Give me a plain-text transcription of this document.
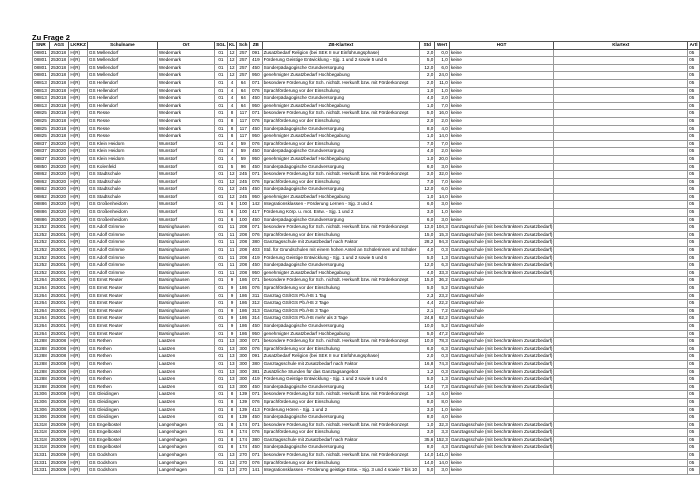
Zu Frage 2
SNR	AGS	LKRKZ	Schulname	Ort	SGL	KL	Sch	ZB	ZB-Klartext	Std	Wert	HGT	Klartext	Artl
08801	253018	H(R)	GS Mellendorf	Wedemark	01	12	257	091	Zusatzbedarf Religion (bei SEK II nur Einführungsphase)	2,0	0,0	keine		05
08801	253018	H(R)	GS Mellendorf	Wedemark	01	12	257	419	Förderung Geistige Entwicklung - Sjg. 1 und 2 sowie 5 und 6	5,0	1,0	keine		05
08801	253018	H(R)	GS Mellendorf	Wedemark	01	12	257	450	Sonderpädagogische Grundversorgung	12,0	6,0	keine		05
08801	253018	H(R)	GS Mellendorf	Wedemark	01	12	257	950	genehmigter Zusatzbedarf Hochbegabung	2,0	24,0	keine		05
08813	253018	H(R)	GS Hellendorf	Wedemark	01	4	64	071	besondere Förderung für Sch. nichtdt. Herkunft bzw. mit Förderkonzept	2,0	11,0	keine		05
08813	253018	H(R)	GS Hellendorf	Wedemark	01	4	64	076	Sprachförderung vor der Einschulung	1,0	1,0	keine		05
08813	253018	H(R)	GS Hellendorf	Wedemark	01	4	64	450	Sonderpädagogische Grundversorgung	4,0	2,0	keine		05
08813	253018	H(R)	GS Hellendorf	Wedemark	01	4	64	950	genehmigter Zusatzbedarf Hochbegabung	1,0	7,0	keine		05
08825	253018	H(R)	GS Resse	Wedemark	01	8	117	071	besondere Förderung für Sch. nichtdt. Herkunft bzw. mit Förderkonzept	5,0	16,0	keine		05
08825	253018	H(R)	GS Resse	Wedemark	01	8	117	076	Sprachförderung vor der Einschulung	2,0	2,0	keine		05
08825	253018	H(R)	GS Resse	Wedemark	01	8	117	450	Sonderpädagogische Grundversorgung	8,0	4,0	keine		05
08825	253018	H(R)	GS Resse	Wedemark	01	8	117	950	genehmigter Zusatzbedarf Hochbegabung	1,0	14,0	keine		05
08837	253020	H(R)	GS Klein Heidorn	Wunstorf	01	4	59	076	Sprachförderung vor der Einschulung	7,0	7,0	keine		05
08837	253020	H(R)	GS Klein Heidorn	Wunstorf	01	4	59	450	Sonderpädagogische Grundversorgung	4,0	2,0	keine		05
08837	253020	H(R)	GS Klein Heidorn	Wunstorf	01	4	59	950	genehmigter Zusatzbedarf Hochbegabung	1,0	20,0	keine		05
08850	253020	H(R)	GS Kolenfeld	Wunstorf	01	5	96	450	Sonderpädagogische Grundversorgung	6,0	3,0	keine		05
08862	253020	H(R)	GS Stadtschule	Wunstorf	01	12	245	071	besondere Förderung für Sch. nichtdt. Herkunft bzw. mit Förderkonzept	3,0	32,0	keine		05
08862	253020	H(R)	GS Stadtschule	Wunstorf	01	12	245	076	Sprachförderung vor der Einschulung	7,0	7,0	keine		05
08862	253020	H(R)	GS Stadtschule	Wunstorf	01	12	245	450	Sonderpädagogische Grundversorgung	12,0	6,0	keine		05
08862	253020	H(R)	GS Stadtschule	Wunstorf	01	12	245	950	genehmigter Zusatzbedarf Hochbegabung	1,0	14,0	keine		05
08886	253020	H(R)	GS Großenheidorn	Wunstorf	01	6	100	142	Integrationsklassen - Förderung Lernen - Sjg. 3 und 4	6,0	3,0	keine		05
08886	253020	H(R)	GS Großenheidorn	Wunstorf	01	6	100	417	Förderung Körp. u. mot. Entw. - Sjg. 1 und 2	3,0	1,0	keine		05
08886	253020	H(R)	GS Großenheidorn	Wunstorf	01	6	100	450	Sonderpädagogische Grundversorgung	6,0	3,0	keine		05
31252	253001	H(R)	GS Adolf Grimme	Barsinghausen	01	11	208	071	besondere Förderung für Sch. nichtdt. Herkunft bzw. mit Förderkonzept	13,0	104,3	Ganztagsschule (mit beschränktem Zusatzbedarf)		05
31252	253001	H(R)	GS Adolf Grimme	Barsinghausen	01	11	208	076	Sprachförderung vor der Einschulung	15,0	15,3	Ganztagsschule (mit beschränktem Zusatzbedarf)		05
31252	253001	H(R)	GS Adolf Grimme	Barsinghausen	01	11	208	380	Ganztagsschule mit Zusatzbedarf nach Faktor	28,2	94,3	Ganztagsschule (mit beschränktem Zusatzbedarf)		05
31252	253001	H(R)	GS Adolf Grimme	Barsinghausen	01	11	208	403	Std. für Grundschulen mit einem hohen Anteil an Schülerinnen und Schüler	4,0	0,3	Ganztagsschule (mit beschränktem Zusatzbedarf)		05
31252	253001	H(R)	GS Adolf Grimme	Barsinghausen	01	11	208	419	Förderung Geistige Entwicklung - Sjg. 1 und 2 sowie 5 und 6	5,0	1,3	Ganztagsschule (mit beschränktem Zusatzbedarf)		05
31252	253001	H(R)	GS Adolf Grimme	Barsinghausen	01	11	208	450	Sonderpädagogische Grundversorgung	12,0	6,3	Ganztagsschule (mit beschränktem Zusatzbedarf)		05
31252	253001	H(R)	GS Adolf Grimme	Barsinghausen	01	11	208	950	genehmigter Zusatzbedarf Hochbegabung	4,0	33,3	Ganztagsschule (mit beschränktem Zusatzbedarf)		05
31264	253001	H(R)	GS Ernst Reuter	Barsinghausen	01	9	186	071	besondere Förderung für Sch. nichtdt. Herkunft bzw. mit Förderkonzept	15,0	36,2	Ganztagsschule		05
31264	253001	H(R)	GS Ernst Reuter	Barsinghausen	01	9	186	076	Sprachförderung vor der Einschulung	5,0	5,2	Ganztagsschule		05
31264	253001	H(R)	GS Ernst Reuter	Barsinghausen	01	9	186	311	Ganztag GS/IGS Pb./HS 1 Tag	2,3	23,2	Ganztagsschule		05
31264	253001	H(R)	GS Ernst Reuter	Barsinghausen	01	9	186	312	Ganztag GS/IGS Pb./HS 2 Tage	4,4	22,2	Ganztagsschule		05
31264	253001	H(R)	GS Ernst Reuter	Barsinghausen	01	9	186	313	Ganztag GS/IGS Pb./HS 3 Tage	2,1	7,2	Ganztagsschule		05
31264	253001	H(R)	GS Ernst Reuter	Barsinghausen	01	9	186	314	Ganztag GS/IGS Pb./HS mehr als 3 Tage	24,8	62,2	Ganztagsschule		05
31264	253001	H(R)	GS Ernst Reuter	Barsinghausen	01	9	186	450	Sonderpädagogische Grundversorgung	10,0	5,2	Ganztagsschule		05
31264	253001	H(R)	GS Ernst Reuter	Barsinghausen	01	9	186	950	genehmigter Zusatzbedarf Hochbegabung	5,0	47,2	Ganztagsschule		05
31288	253008	H(R)	GS Rethen	Laatzen	01	13	300	071	besondere Förderung für Sch. nichtdt. Herkunft bzw. mit Förderkonzept	10,0	78,3	Ganztagsschule (mit beschränktem Zusatzbedarf)		05
31288	253008	H(R)	GS Rethen	Laatzen	01	13	300	076	Sprachförderung vor der Einschulung	6,0	6,3	Ganztagsschule (mit beschränktem Zusatzbedarf)		05
31288	253008	H(R)	GS Rethen	Laatzen	01	13	300	091	Zusatzbedarf Religion (bei SEK II nur Einführungsphase)	2,0	0,3	Ganztagsschule (mit beschränktem Zusatzbedarf)		05
31288	253008	H(R)	GS Rethen	Laatzen	01	13	300	380	Ganztagsschule mit Zusatzbedarf nach Faktor	16,8	74,3	Ganztagsschule (mit beschränktem Zusatzbedarf)		05
31288	253008	H(R)	GS Rethen	Laatzen	01	13	300	381	Zusätzliche Stunden für das Ganztagsangebot	1,2	0,3	Ganztagsschule (mit beschränktem Zusatzbedarf)		05
31288	253008	H(R)	GS Rethen	Laatzen	01	13	300	419	Förderung Geistige Entwicklung - Sjg. 1 und 2 sowie 5 und 6	5,0	1,3	Ganztagsschule (mit beschränktem Zusatzbedarf)		05
31288	253008	H(R)	GS Rethen	Laatzen	01	13	300	450	Sonderpädagogische Grundversorgung	14,0	7,3	Ganztagsschule (mit beschränktem Zusatzbedarf)		05
31306	253008	H(R)	GS Gleidingen	Laatzen	01	8	139	071	besondere Förderung für Sch. nichtdt. Herkunft bzw. mit Förderkonzept	1,0	4,0	keine		05
31306	253008	H(R)	GS Gleidingen	Laatzen	01	8	139	076	Sprachförderung vor der Einschulung	8,0	8,0	keine		05
31306	253008	H(R)	GS Gleidingen	Laatzen	01	8	139	413	Förderung Hören - Sjg. 1 und 2	3,0	1,0	keine		05
31306	253008	H(R)	GS Gleidingen	Laatzen	01	8	139	450	Sonderpädagogische Grundversorgung	8,0	4,0	keine		05
31318	253009	H(R)	GS Engelbostel	Langenhagen	01	8	174	071	besondere Förderung für Sch. nichtdt. Herkunft bzw. mit Förderkonzept	1,0	32,3	Ganztagsschule (mit beschränktem Zusatzbedarf)		05
31318	253009	H(R)	GS Engelbostel	Langenhagen	01	8	174	076	Sprachförderung vor der Einschulung	3,0	3,3	Ganztagsschule (mit beschränktem Zusatzbedarf)		05
31318	253009	H(R)	GS Engelbostel	Langenhagen	01	8	174	380	Ganztagsschule mit Zusatzbedarf nach Faktor	35,6	152,3	Ganztagsschule (mit beschränktem Zusatzbedarf)		05
31318	253009	H(R)	GS Engelbostel	Langenhagen	01	8	174	450	Sonderpädagogische Grundversorgung	8,0	4,3	Ganztagsschule (mit beschränktem Zusatzbedarf)		05
31331	253009	H(R)	GS Godshorn	Langenhagen	01	13	270	071	besondere Förderung für Sch. nichtdt. Herkunft bzw. mit Förderkonzept	14,0	141,0	keine		05
31331	253009	H(R)	GS Godshorn	Langenhagen	01	13	270	076	Sprachförderung vor der Einschulung	14,0	14,0	keine		05
31331	253009	H(R)	GS Godshorn	Langenhagen	01	13	270	141	Integrationsklassen - Förderung geistige Entw. - Sjg. 3 und 4 sowie 7 bis 10	5,0	3,0	keine		05
